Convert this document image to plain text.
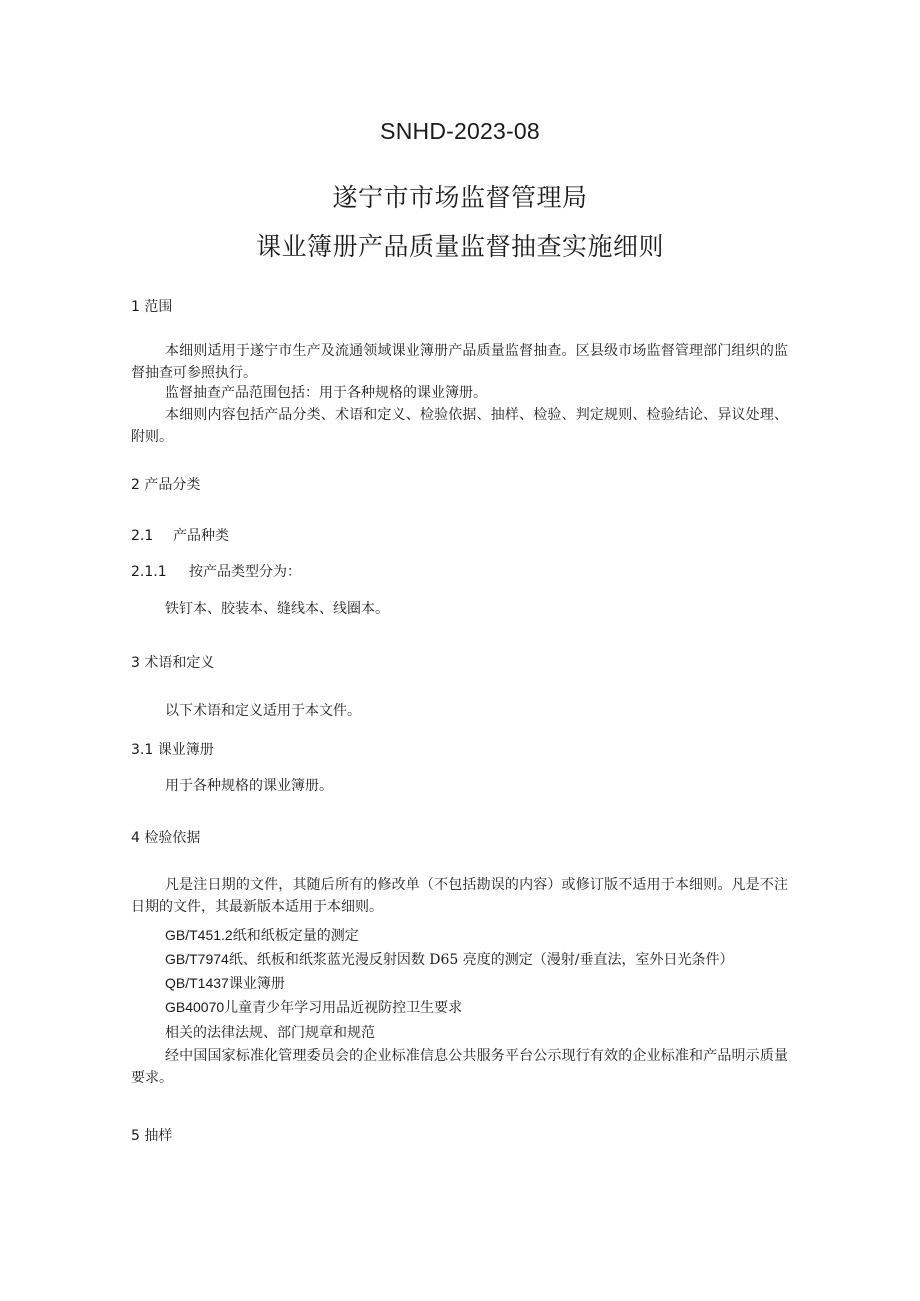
SNHD-2023-08
遂宁市市场监督管理局
课业簿册产品质量监督抽查实施细则
1 范围
本细则适用于遂宁市生产及流通领域课业簿册产品质量监督抽查。区县级市场监督管理部门组织的监督抽查可参照执行。
监督抽查产品范围包括：用于各种规格的课业簿册。
本细则内容包括产品分类、术语和定义、检验依据、抽样、检验、判定规则、检验结论、异议处理、附则。
2 产品分类
2.1 产品种类
2.1.1 按产品类型分为：
铁钉本、胶装本、缝线本、线圈本。
3 术语和定义
以下术语和定义适用于本文件。
3.1 课业簿册
用于各种规格的课业簿册。
4 检验依据
凡是注日期的文件，其随后所有的修改单（不包括勘误的内容）或修订版不适用于本细则。凡是不注日期的文件，其最新版本适用于本细则。
GB/T451.2纸和纸板定量的测定
GB/T7974纸、纸板和纸浆蓝光漫反射因数 D65 亮度的测定（漫射/垂直法，室外日光条件）
QB/T1437课业簿册
GB40070儿童青少年学习用品近视防控卫生要求
相关的法律法规、部门规章和规范
经中国国家标准化管理委员会的企业标准信息公共服务平台公示现行有效的企业标准和产品明示质量要求。
5 抽样
